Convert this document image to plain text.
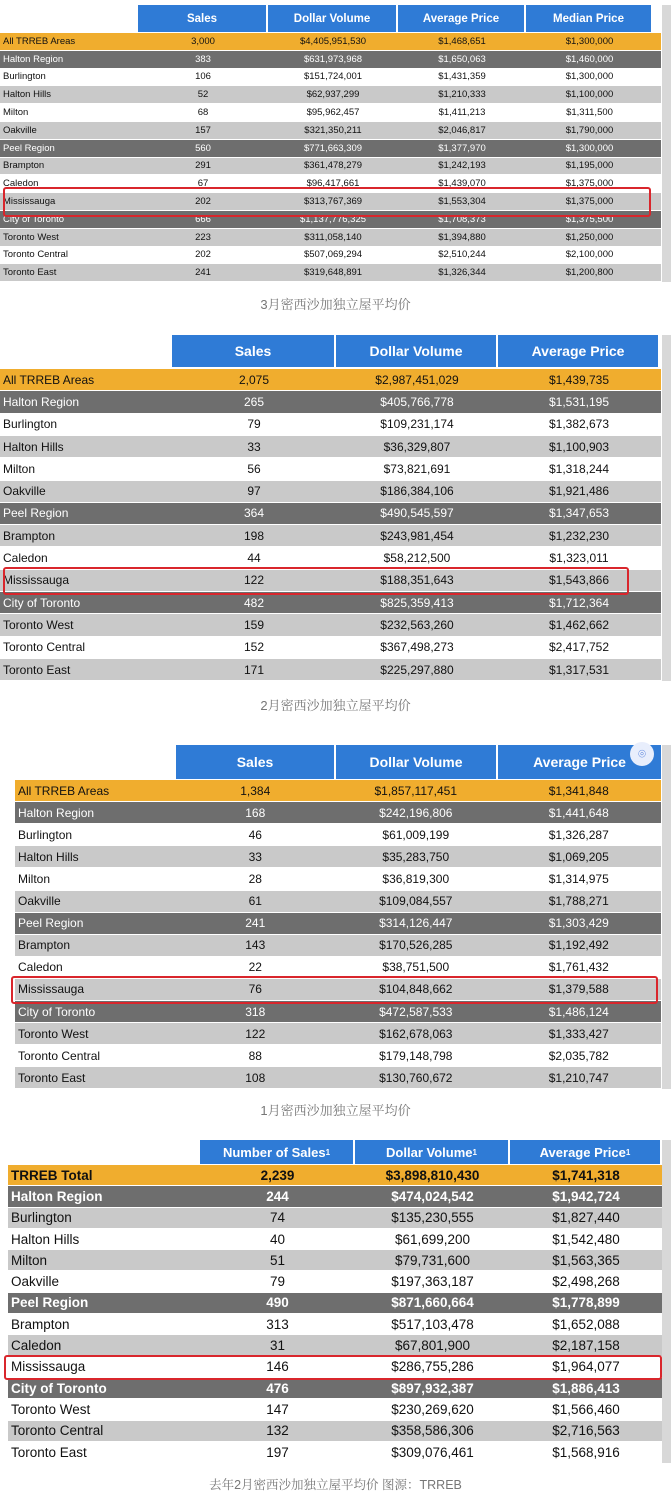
Sales	Dollar Volume	Average Price	Median Price
All TRREB Areas	3,000	$4,405,951,530	$1,468,651	$1,300,000
Halton Region	383	$631,973,968	$1,650,063	$1,460,000
Burlington	106	$151,724,001	$1,431,359	$1,300,000
Halton Hills	52	$62,937,299	$1,210,333	$1,100,000
Milton	68	$95,962,457	$1,411,213	$1,311,500
Oakville	157	$321,350,211	$2,046,817	$1,790,000
Peel Region	560	$771,663,309	$1,377,970	$1,300,000
Brampton	291	$361,478,279	$1,242,193	$1,195,000
Caledon	67	$96,417,661	$1,439,070	$1,375,000
Mississauga	202	$313,767,369	$1,553,304	$1,375,000
City of Toronto	666	$1,137,776,325	$1,708,373	$1,375,500
Toronto West	223	$311,058,140	$1,394,880	$1,250,000
Toronto Central	202	$507,069,294	$2,510,244	$2,100,000
Toronto East	241	$319,648,891	$1,326,344	$1,200,800
3月密西沙加独立屋平均价
Sales	Dollar Volume	Average Price
All TRREB Areas	2,075	$2,987,451,029	$1,439,735
Halton Region	265	$405,766,778	$1,531,195
Burlington	79	$109,231,174	$1,382,673
Halton Hills	33	$36,329,807	$1,100,903
Milton	56	$73,821,691	$1,318,244
Oakville	97	$186,384,106	$1,921,486
Peel Region	364	$490,545,597	$1,347,653
Brampton	198	$243,981,454	$1,232,230
Caledon	44	$58,212,500	$1,323,011
Mississauga	122	$188,351,643	$1,543,866
City of Toronto	482	$825,359,413	$1,712,364
Toronto West	159	$232,563,260	$1,462,662
Toronto Central	152	$367,498,273	$2,417,752
Toronto East	171	$225,297,880	$1,317,531
2月密西沙加独立屋平均价
Sales	Dollar Volume	Average Price
All TRREB Areas	1,384	$1,857,117,451	$1,341,848
Halton Region	168	$242,196,806	$1,441,648
Burlington	46	$61,009,199	$1,326,287
Halton Hills	33	$35,283,750	$1,069,205
Milton	28	$36,819,300	$1,314,975
Oakville	61	$109,084,557	$1,788,271
Peel Region	241	$314,126,447	$1,303,429
Brampton	143	$170,526,285	$1,192,492
Caledon	22	$38,751,500	$1,761,432
Mississauga	76	$104,848,662	$1,379,588
City of Toronto	318	$472,587,533	$1,486,124
Toronto West	122	$162,678,063	$1,333,427
Toronto Central	88	$179,148,798	$2,035,782
Toronto East	108	$130,760,672	$1,210,747
1月密西沙加独立屋平均价
Number of Sales 1	Dollar Volume 1	Average Price 1
TRREB Total	2,239	$3,898,810,430	$1,741,318
Halton Region	244	$474,024,542	$1,942,724
Burlington	74	$135,230,555	$1,827,440
Halton Hills	40	$61,699,200	$1,542,480
Milton	51	$79,731,600	$1,563,365
Oakville	79	$197,363,187	$2,498,268
Peel Region	490	$871,660,664	$1,778,899
Brampton	313	$517,103,478	$1,652,088
Caledon	31	$67,801,900	$2,187,158
Mississauga	146	$286,755,286	$1,964,077
City of Toronto	476	$897,932,387	$1,886,413
Toronto West	147	$230,269,620	$1,566,460
Toronto Central	132	$358,586,306	$2,716,563
Toronto East	197	$309,076,461	$1,568,916
去年2月密西沙加独立屋平均价 图源：TRREB
⌾
